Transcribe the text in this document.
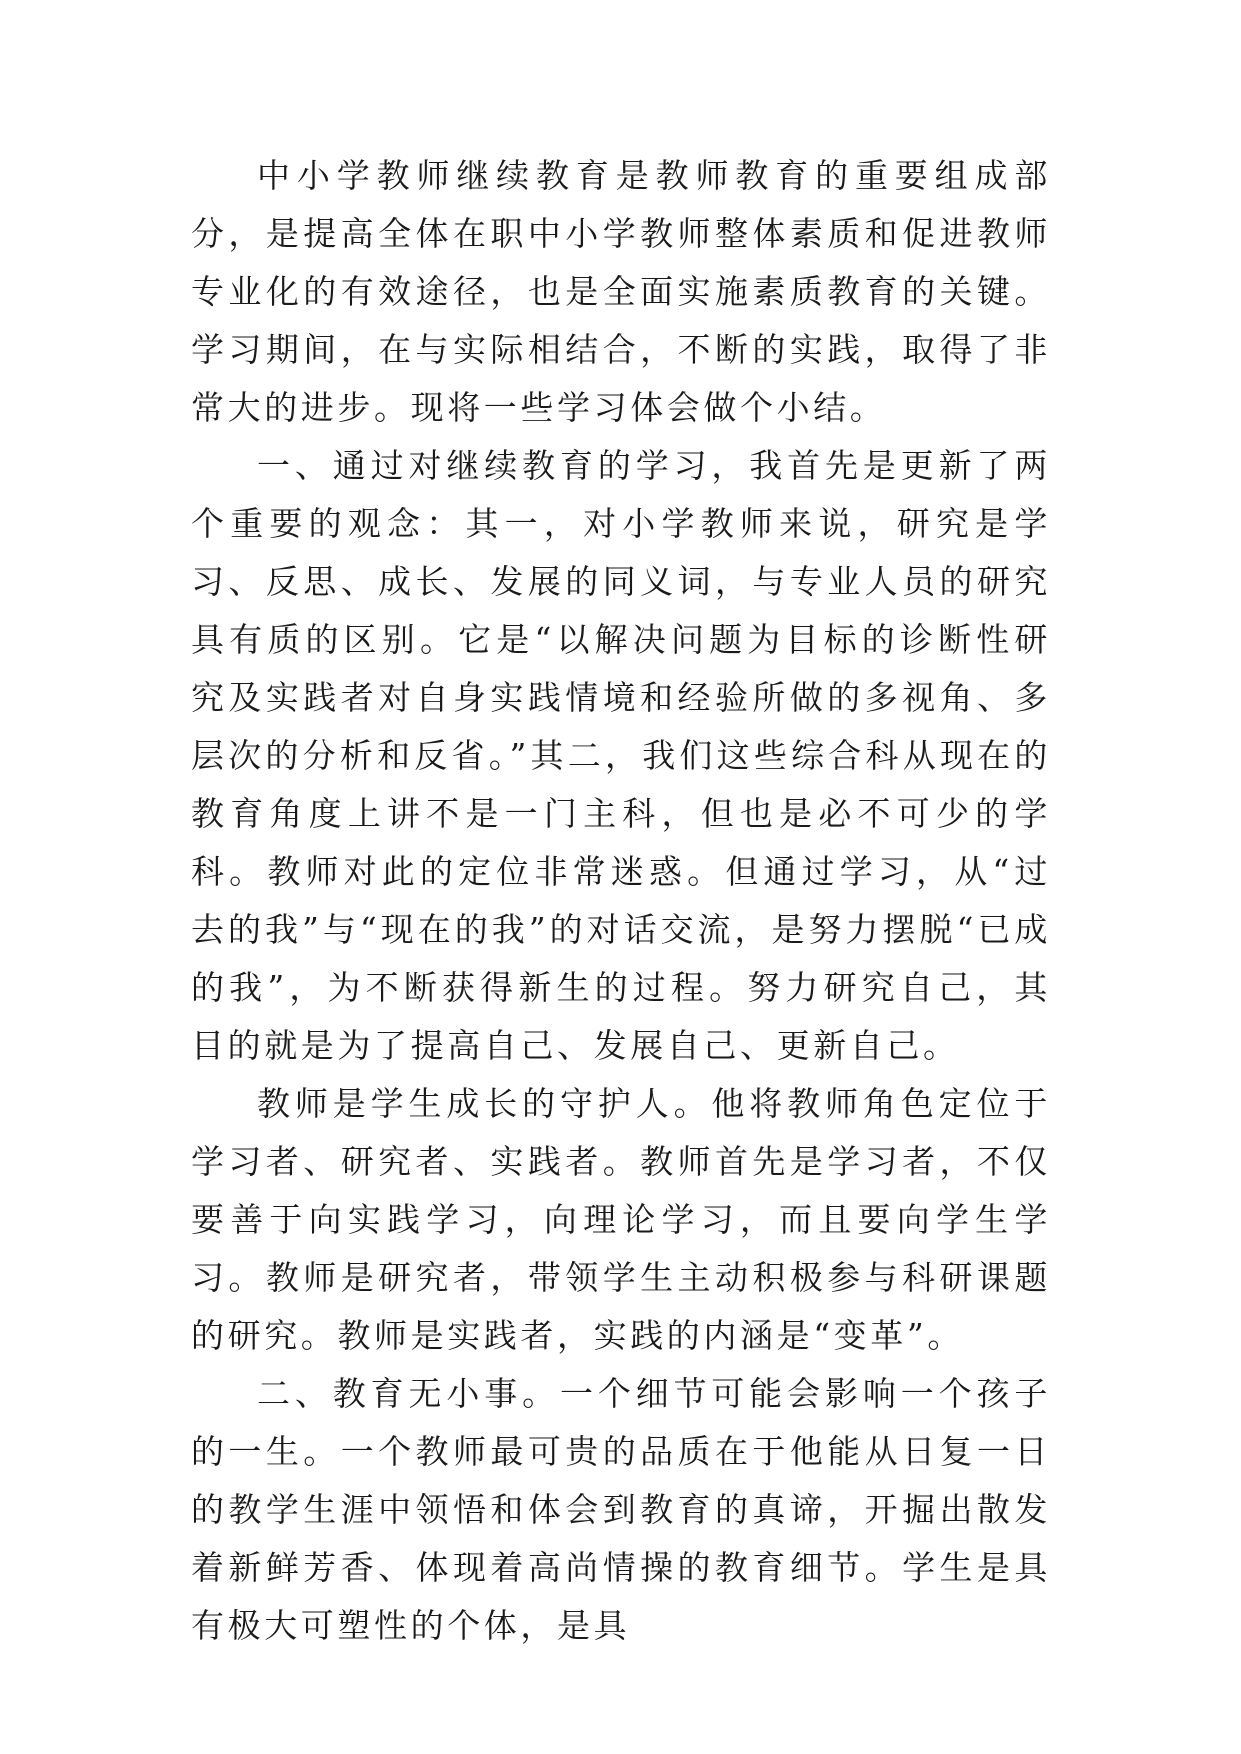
中小学教师继续教育是教师教育的重要组成部分，是提高全体在职中小学教师整体素质和促进教师专业化的有效途径，也是全面实施素质教育的关键。学习期间，在与实际相结合，不断的实践，取得了非常大的进步。现将一些学习体会做个小结。

一、通过对继续教育的学习，我首先是更新了两个重要的观念：其一，对小学教师来说，研究是学习、反思、成长、发展的同义词，与专业人员的研究具有质的区别。它是“以解决问题为目标的诊断性研究及实践者对自身实践情境和经验所做的多视角、多层次的分析和反省。”其二，我们这些综合科从现在的教育角度上讲不是一门主科，但也是必不可少的学科。教师对此的定位非常迷惑。但通过学习，从“过去的我”与“现在的我”的对话交流，是努力摆脱“已成的我”，为不断获得新生的过程。努力研究自己，其目的就是为了提高自己、发展自己、更新自己。

教师是学生成长的守护人。他将教师角色定位于学习者、研究者、实践者。教师首先是学习者，不仅要善于向实践学习，向理论学习，而且要向学生学习。教师是研究者，带领学生主动积极参与科研课题的研究。教师是实践者，实践的内涵是“变革”。

二、教育无小事。一个细节可能会影响一个孩子的一生。一个教师最可贵的品质在于他能从日复一日的教学生涯中领悟和体会到教育的真谛，开掘出散发着新鲜芳香、体现着高尚情操的教育细节。学生是具有极大可塑性的个体，是具
